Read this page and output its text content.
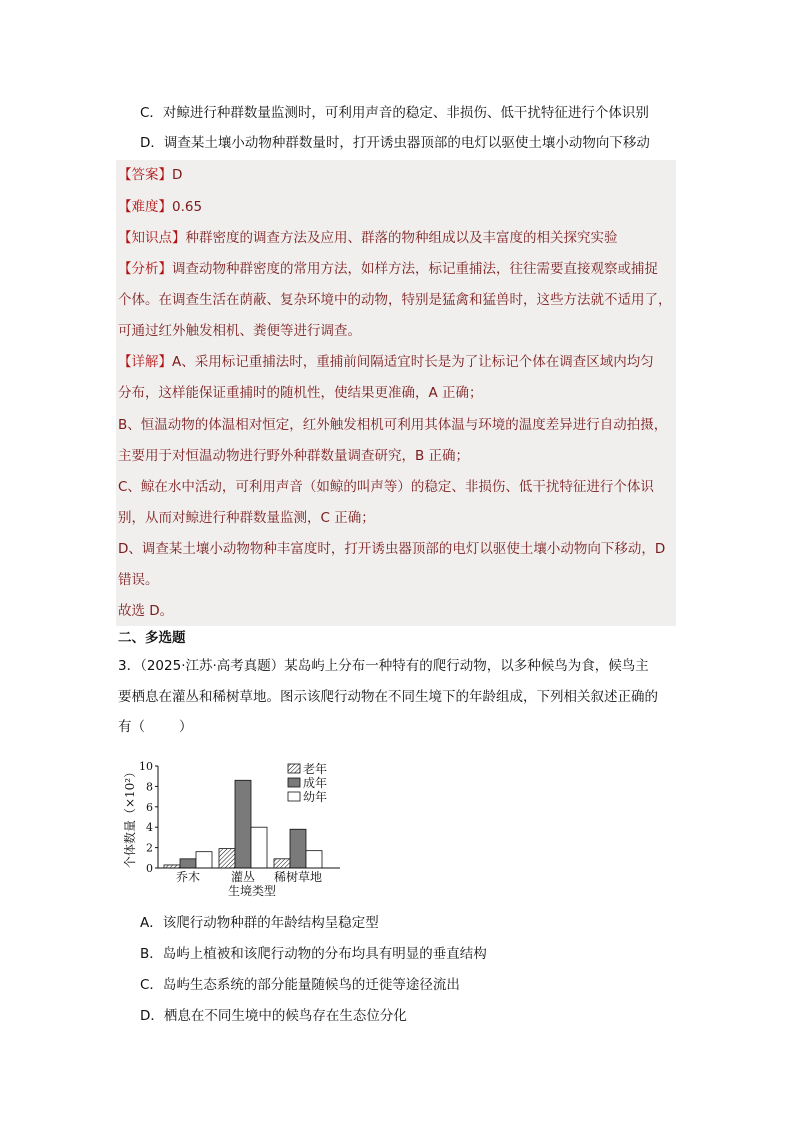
C．对鲸进行种群数量监测时，可利用声音的稳定、非损伤、低干扰特征进行个体识别
D．调查某土壤小动物种群数量时，打开诱虫器顶部的电灯以驱使土壤小动物向下移动
【答案】D
【难度】0.65
【知识点】种群密度的调查方法及应用、群落的物种组成以及丰富度的相关探究实验
【分析】调查动物种群密度的常用方法，如样方法，标记重捕法，往往需要直接观察或捕捉
个体。在调查生活在荫蔽、复杂环境中的动物，特别是猛禽和猛兽时，这些方法就不适用了，
可通过红外触发相机、粪便等进行调查。
【详解】A、采用标记重捕法时，重捕前间隔适宜时长是为了让标记个体在调查区域内均匀
分布，这样能保证重捕时的随机性，使结果更准确，A 正确；
B、恒温动物的体温相对恒定，红外触发相机可利用其体温与环境的温度差异进行自动拍摄，
主要用于对恒温动物进行野外种群数量调查研究，B 正确；
C、鲸在水中活动，可利用声音（如鲸的叫声等）的稳定、非损伤、低干扰特征进行个体识
别，从而对鲸进行种群数量监测，C 正确；
D、调查某土壤小动物物种丰富度时，打开诱虫器顶部的电灯以驱使土壤小动物向下移动，D
错误。
故选 D。
二、多选题
3．（2025·江苏·高考真题）某岛屿上分布一种特有的爬行动物，以多种候鸟为食，候鸟主
要栖息在灌丛和稀树草地。图示该爬行动物在不同生境下的年龄组成，下列相关叙述正确的
有（	）
0
2
4
6
8
10
乔木	灌丛 稀树草地
老年
成年
幼年
个体数量（×10²）
生境类型
A．该爬行动物种群的年龄结构呈稳定型
B．岛屿上植被和该爬行动物的分布均具有明显的垂直结构
C．岛屿生态系统的部分能量随候鸟的迁徙等途径流出
D．栖息在不同生境中的候鸟存在生态位分化
